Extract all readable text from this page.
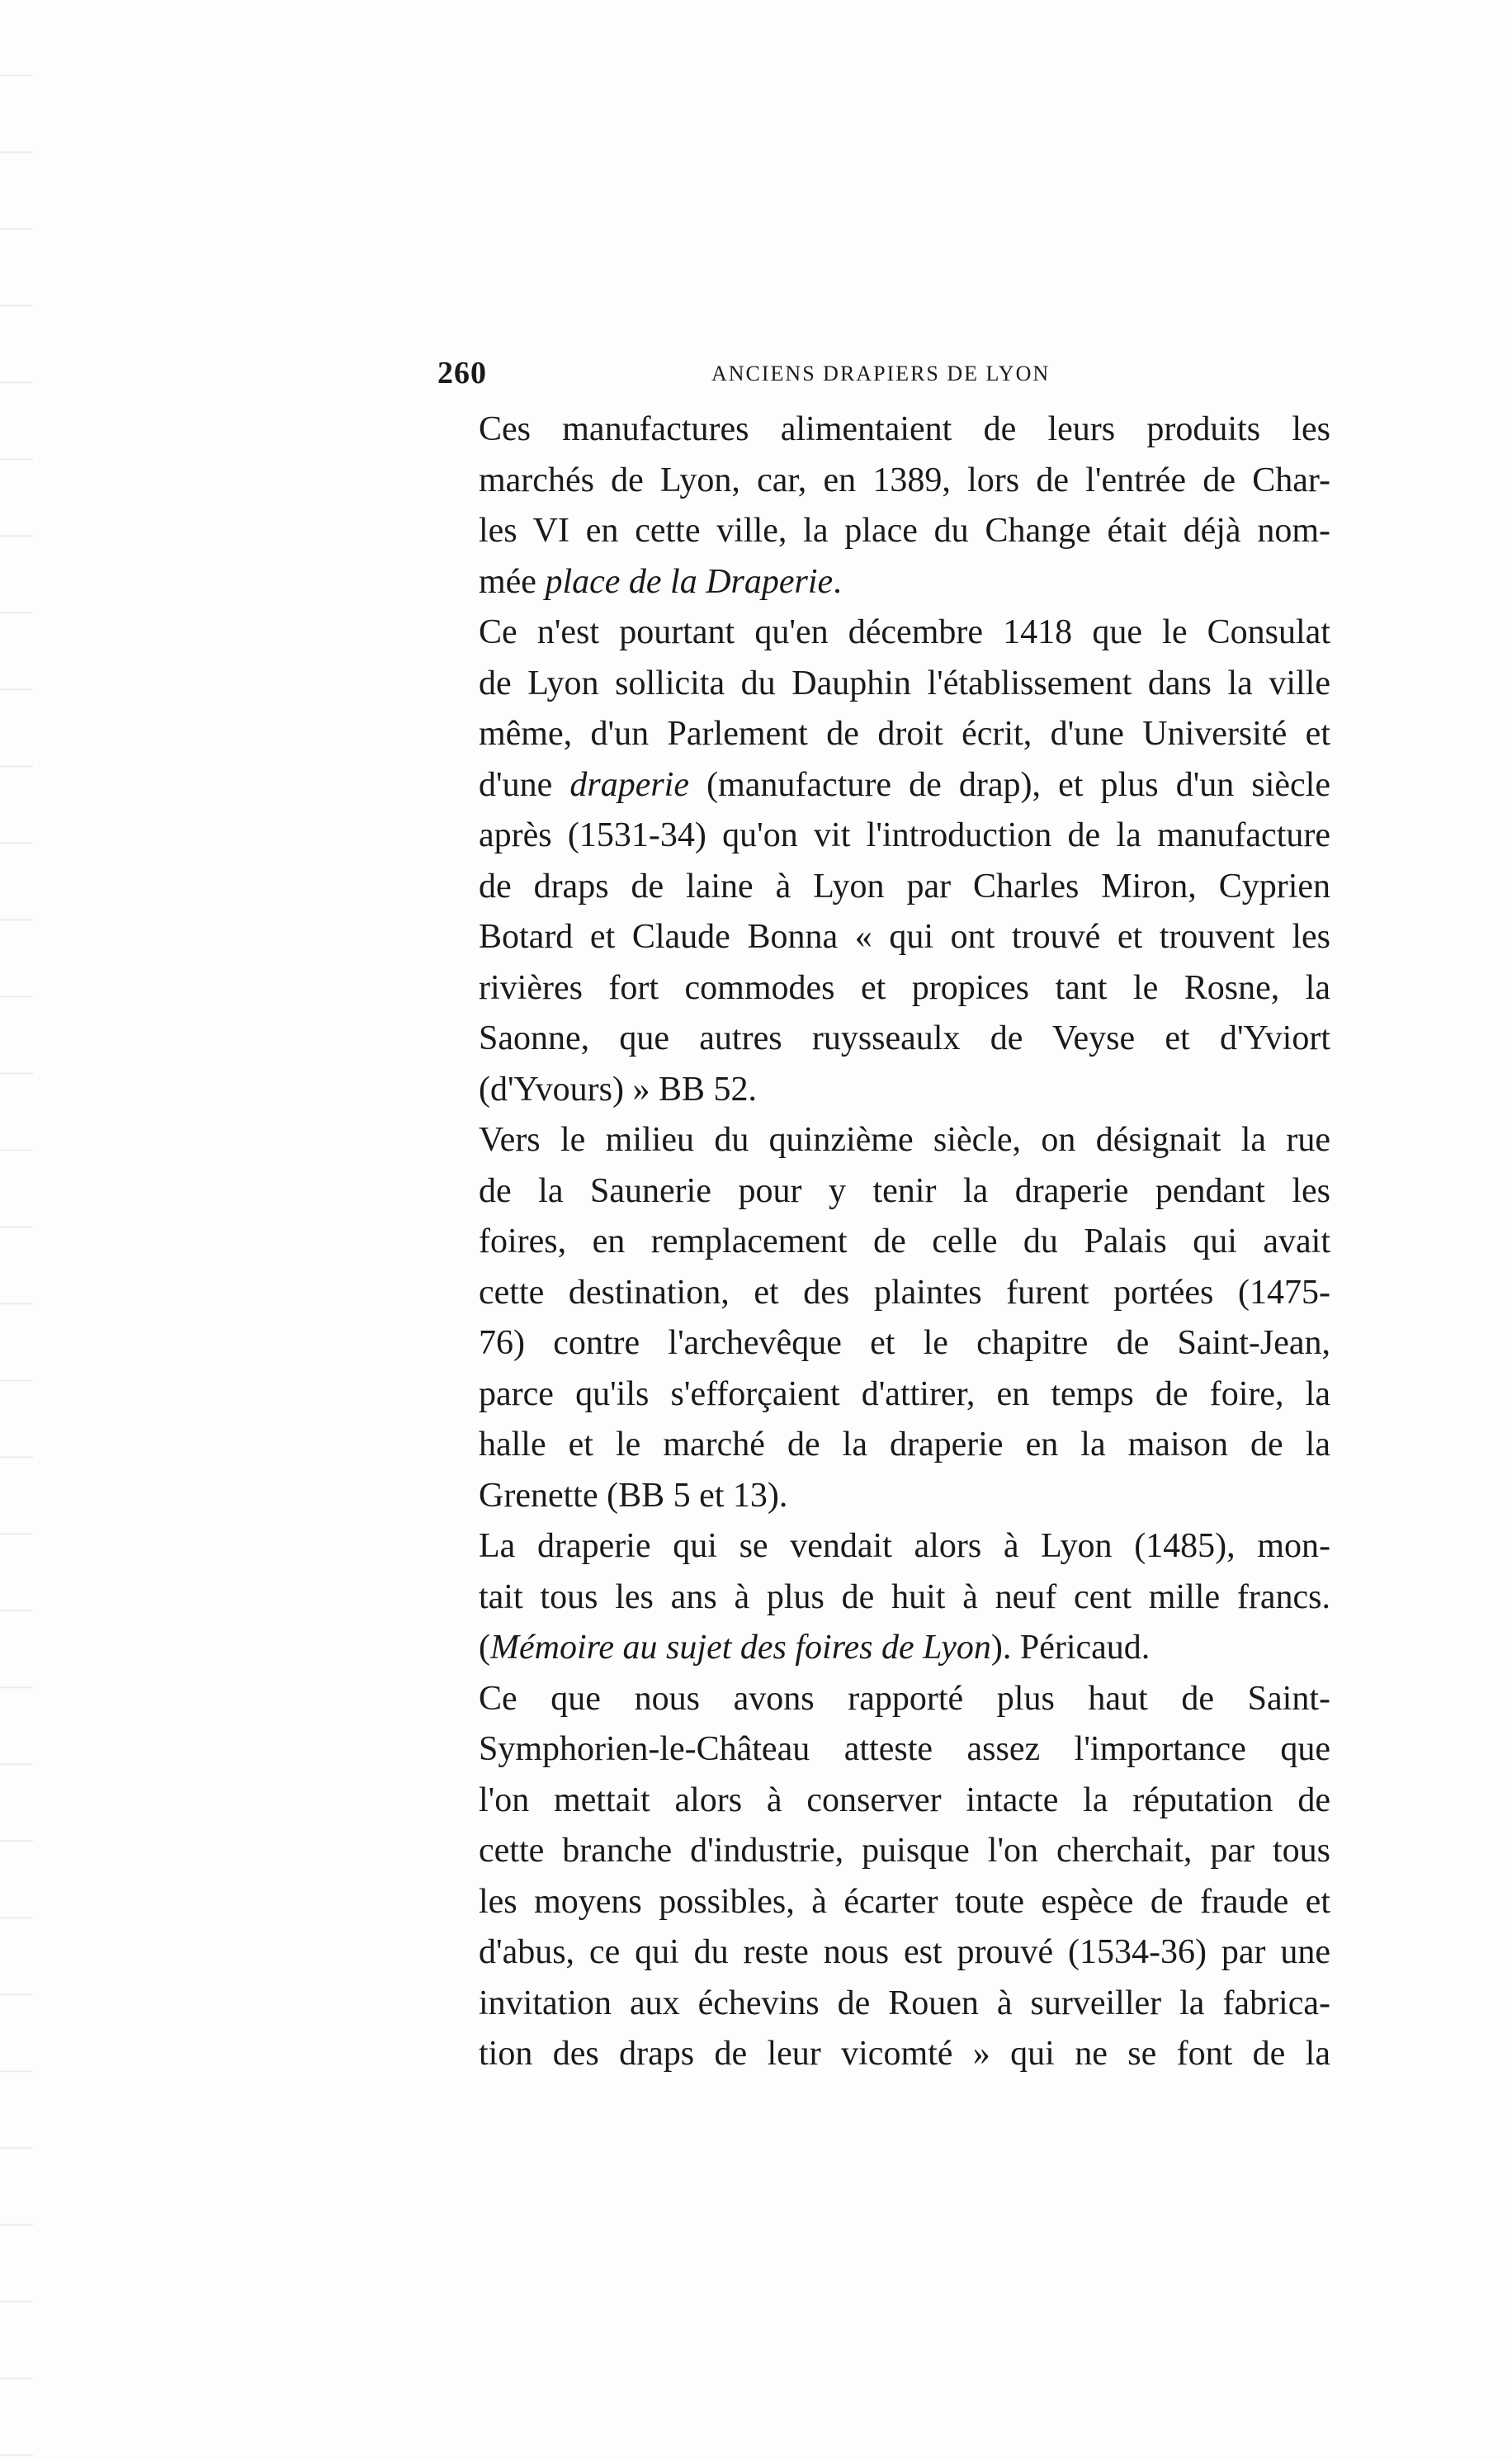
260	ANCIENS DRAPIERS DE LYON
Ces manufactures alimentaient de leurs produits les
marchés de Lyon, car, en 1389, lors de l'entrée de Char-
les VI en cette ville, la place du Change était déjà nom-
mée place de la Draperie.
Ce n'est pourtant qu'en décembre 1418 que le Consulat
de Lyon sollicita du Dauphin l'établissement dans la ville
même, d'un Parlement de droit écrit, d'une Université et
d'une draperie (manufacture de drap), et plus d'un siècle
après (1531-34) qu'on vit l'introduction de la manufacture
de draps de laine à Lyon par Charles Miron, Cyprien
Botard et Claude Bonna « qui ont trouvé et trouvent les
rivières fort commodes et propices tant le Rosne, la
Saonne, que autres ruysseaulx de Veyse et d'Yviort
(d'Yvours) » BB 52.
Vers le milieu du quinzième siècle, on désignait la rue
de la Saunerie pour y tenir la draperie pendant les
foires, en remplacement de celle du Palais qui avait
cette destination, et des plaintes furent portées (1475-
76) contre l'archevêque et le chapitre de Saint-Jean,
parce qu'ils s'efforçaient d'attirer, en temps de foire, la
halle et le marché de la draperie en la maison de la
Grenette (BB 5 et 13).
La draperie qui se vendait alors à Lyon (1485), mon-
tait tous les ans à plus de huit à neuf cent mille francs.
(Mémoire au sujet des foires de Lyon). Péricaud.
Ce que nous avons rapporté plus haut de Saint-
Symphorien-le-Château atteste assez l'importance que
l'on mettait alors à conserver intacte la réputation de
cette branche d'industrie, puisque l'on cherchait, par tous
les moyens possibles, à écarter toute espèce de fraude et
d'abus, ce qui du reste nous est prouvé (1534-36) par une
invitation aux échevins de Rouen à surveiller la fabrica-
tion des draps de leur vicomté » qui ne se font de la
